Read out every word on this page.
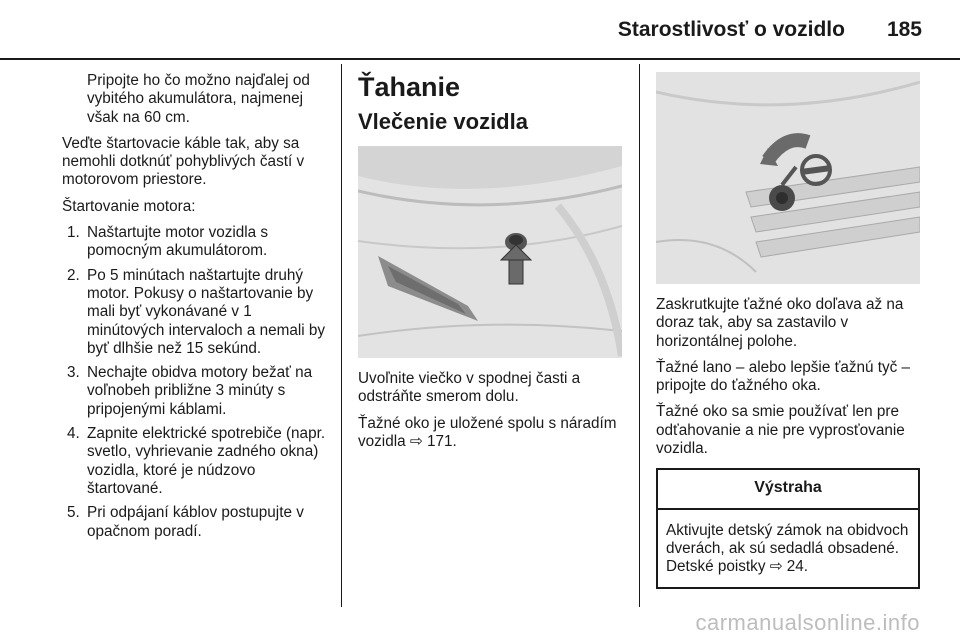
Starostlivosť o vozidlo 185

Pripojte ho čo možno najďalej od vybitého akumulátora, najmenej však na 60 cm.

Veďte štartovacie káble tak, aby sa nemohli dotknúť pohyblivých častí v motorovom priestore.

Štartovanie motora:

1. Naštartujte motor vozidla s pomocným akumulátorom.
2. Po 5 minútach naštartujte druhý motor. Pokusy o naštartovanie by mali byť vykonávané v 1 minútových intervaloch a nemali by byť dlhšie než 15 sekúnd.
3. Nechajte obidva motory bežať na voľnobeh približne 3 minúty s pripojenými káblami.
4. Zapnite elektrické spotrebiče (napr. svetlo, vyhrievanie zadného okna) vozidla, ktoré je núdzovo štartované.
5. Pri odpájaní káblov postupujte v opačnom poradí.
Ťahanie
Vlečenie vozidla

Uvoľnite viečko v spodnej časti a odstráňte smerom dolu.

Ťažné oko je uložené spolu s náradím vozidla ⇨ 171.

Zaskrutkujte ťažné oko doľava až na doraz tak, aby sa zastavilo v horizontálnej polohe.

Ťažné lano – alebo lepšie ťažnú tyč – pripojte do ťažného oka.

Ťažné oko sa smie používať len pre odťahovanie a nie pre vyprosťovanie vozidla.

Výstraha
Aktivujte detský zámok na obidvoch dverách, ak sú sedadlá obsadené. Detské poistky ⇨ 24.
carmanualsonline.info
